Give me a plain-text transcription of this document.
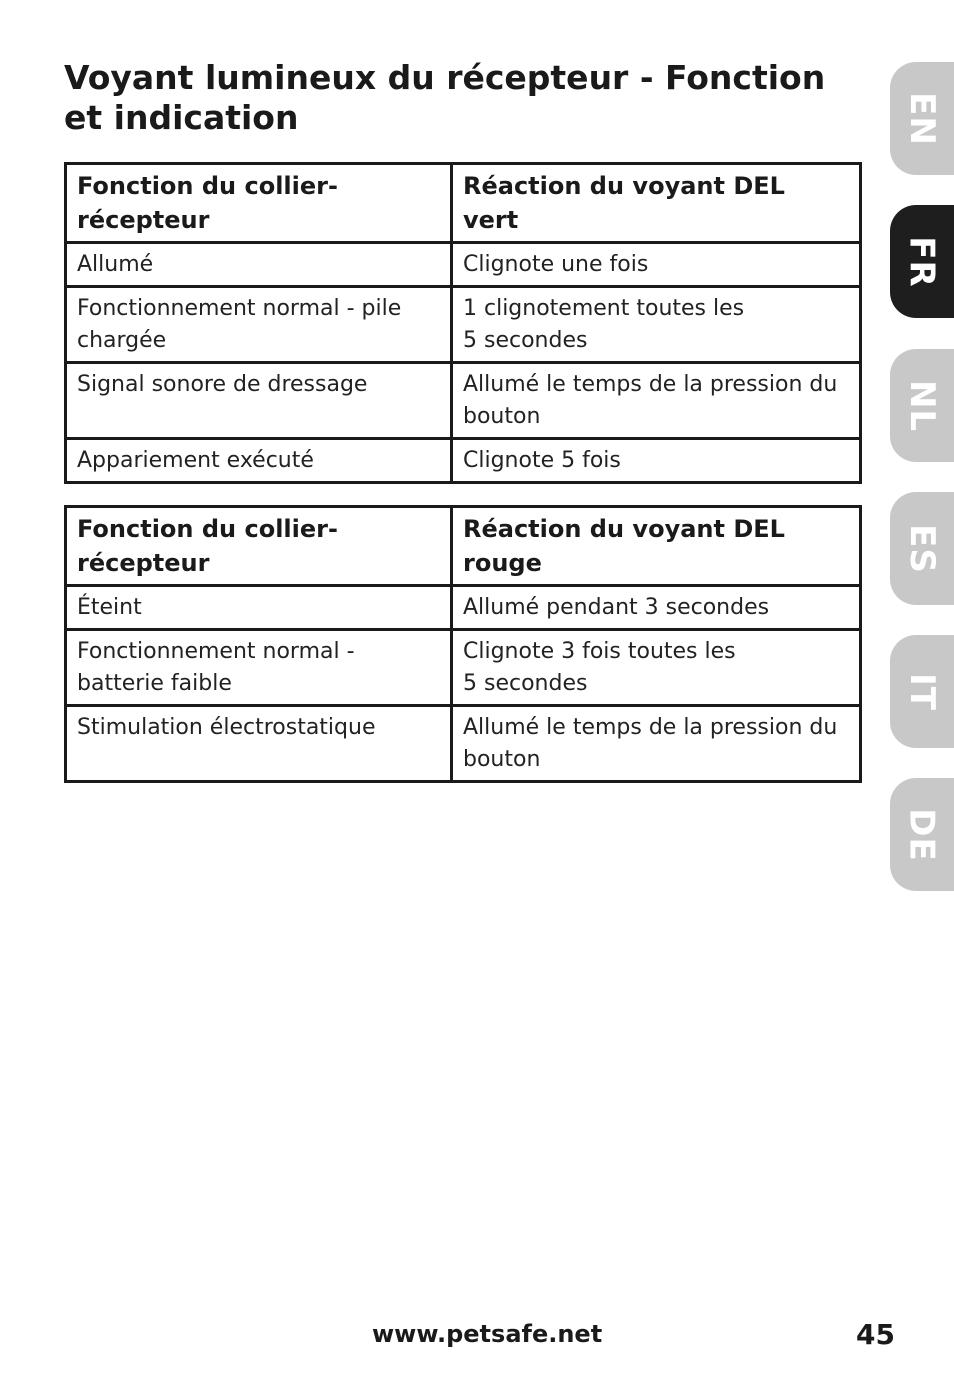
Voyant lumineux du récepteur - Fonction et indication
Fonction du collier-
récepteur	Réaction du voyant DEL
vert
Allumé	Clignote une fois
Fonctionnement normal - pile chargée	1 clignotement toutes les
5 secondes
Signal sonore de dressage	Allumé le temps de la pression du bouton
Appariement exécuté	Clignote 5 fois
Fonction du collier-
récepteur	Réaction du voyant DEL
rouge
Éteint	Allumé pendant 3 secondes
Fonctionnement normal - batterie faible	Clignote 3 fois toutes les
5 secondes
Stimulation électrostatique	Allumé le temps de la pression du bouton
EN
FR
NL
ES
IT
DE
www.petsafe.net	45
